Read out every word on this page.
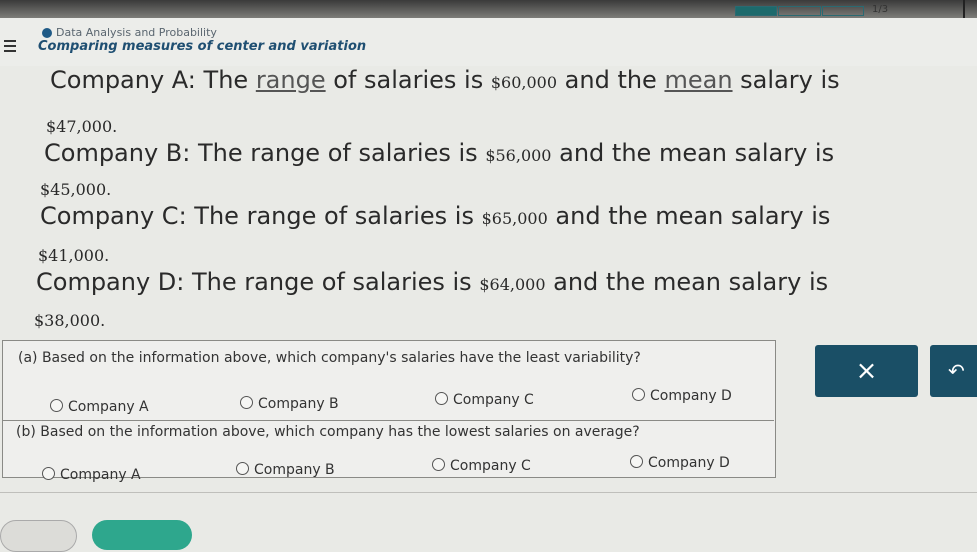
Data Analysis and Probability
Comparing measures of center and variation
1/3
Company A: The range of salaries is $60,000 and the mean salary is
$47,000.
Company B: The range of salaries is $56,000 and the mean salary is
$45,000.
Company C: The range of salaries is $65,000 and the mean salary is
$41,000.
Company D: The range of salaries is $64,000 and the mean salary is
$38,000.
(a) Based on the information above, which company's salaries have the least variability?
Company A	Company B	Company C	Company D
(b) Based on the information above, which company has the lowest salaries on average?
Company A	Company B	Company C	Company D
×	↶
